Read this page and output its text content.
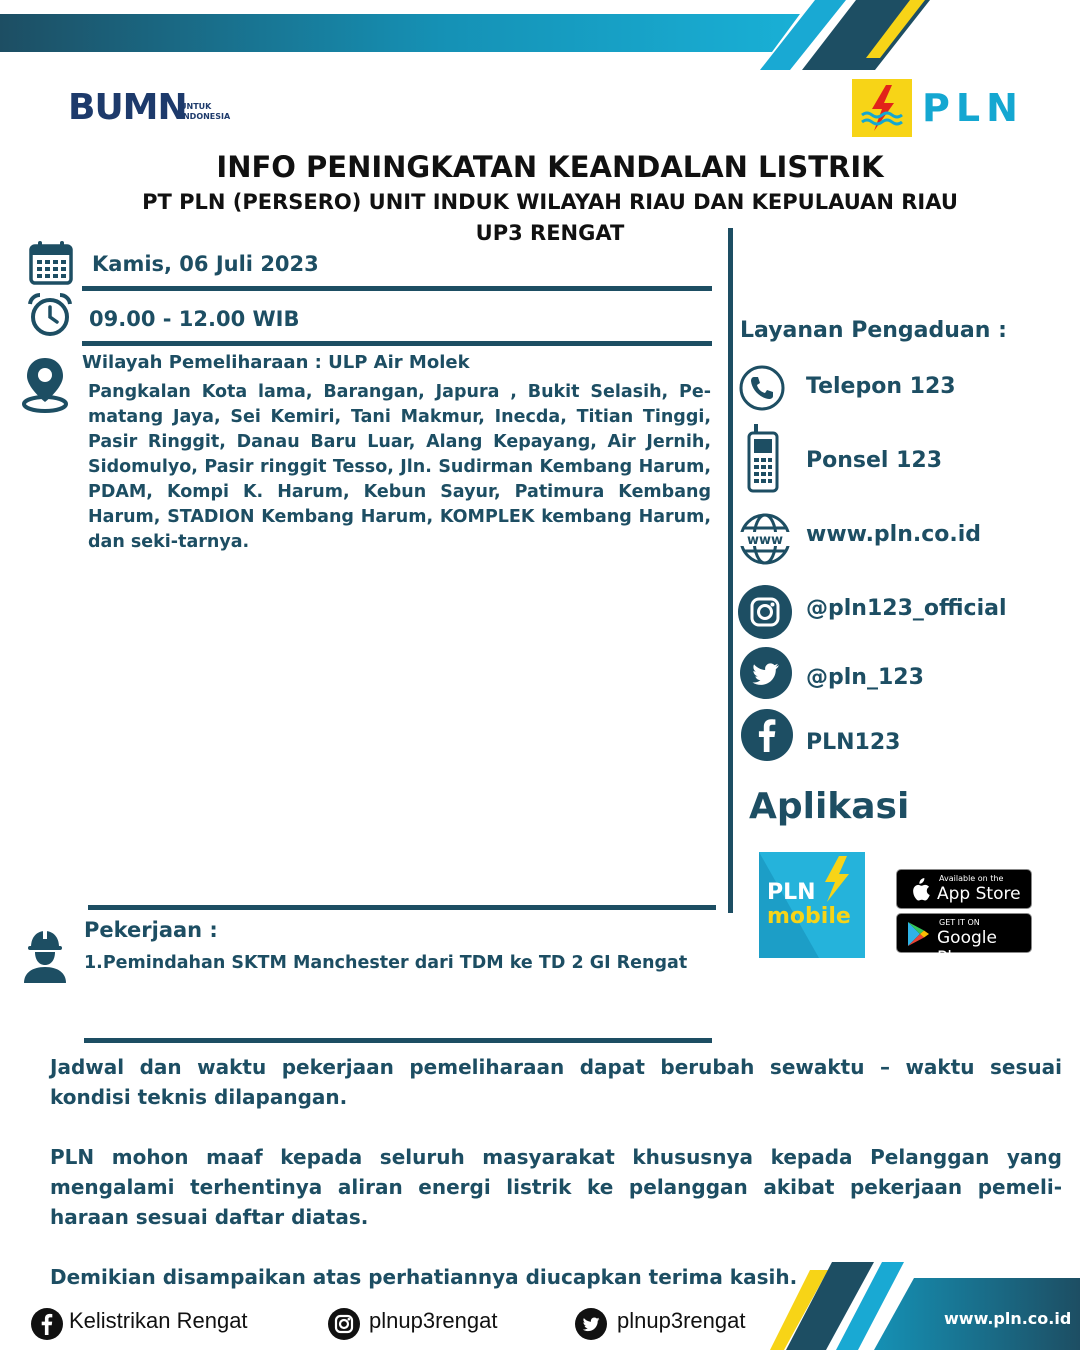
BUMN
UNTUK
INDONESIA	PLN
INFO PENINGKATAN KEANDALAN LISTRIK
PT PLN (PERSERO) UNIT INDUK WILAYAH RIAU DAN KEPULAUAN RIAU
UP3 RENGAT
Kamis, 06 Juli 2023
09.00 - 12.00 WIB
Wilayah Pemeliharaan : ULP Air Molek
Pangkalan Kota lama, Barangan, Japura , Bukit Selasih, Pe-matang Jaya, Sei Kemiri, Tani Makmur, Inecda, Titian Tinggi, Pasir Ringgit, Danau Baru Luar, Alang Kepayang, Air Jernih, Sidomulyo, Pasir ringgit Tesso, Jln. Sudirman Kembang Harum, PDAM, Kompi K. Harum, Kebun Sayur, Patimura Kembang Harum, STADION Kembang Harum, KOMPLEK kembang Harum, dan seki-tarnya.
Pekerjaan :
1.Pemindahan SKTM Manchester dari TDM ke TD 2 GI Rengat
Layanan Pengaduan :
Telepon 123
Ponsel 123
www www.pln.co.id
@pln123_official
@pln_123
PLN123
Aplikasi
PLN
mobile
Available on the
App Store
GET IT ON
Google Play

Jadwal dan waktu pekerjaan pemeliharaan dapat berubah sewaktu – waktu sesuai kondisi teknis dilapangan.

PLN mohon maaf kepada seluruh masyarakat khususnya kepada Pelanggan yang mengalami terhentinya aliran energi listrik ke pelanggan akibat pekerjaan pemeli-haraan sesuai daftar diatas.

Demikian disampaikan atas perhatiannya diucapkan terima kasih.

Kelistrikan Rengat	plnup3rengat	plnup3rengat	www.pln.co.id
